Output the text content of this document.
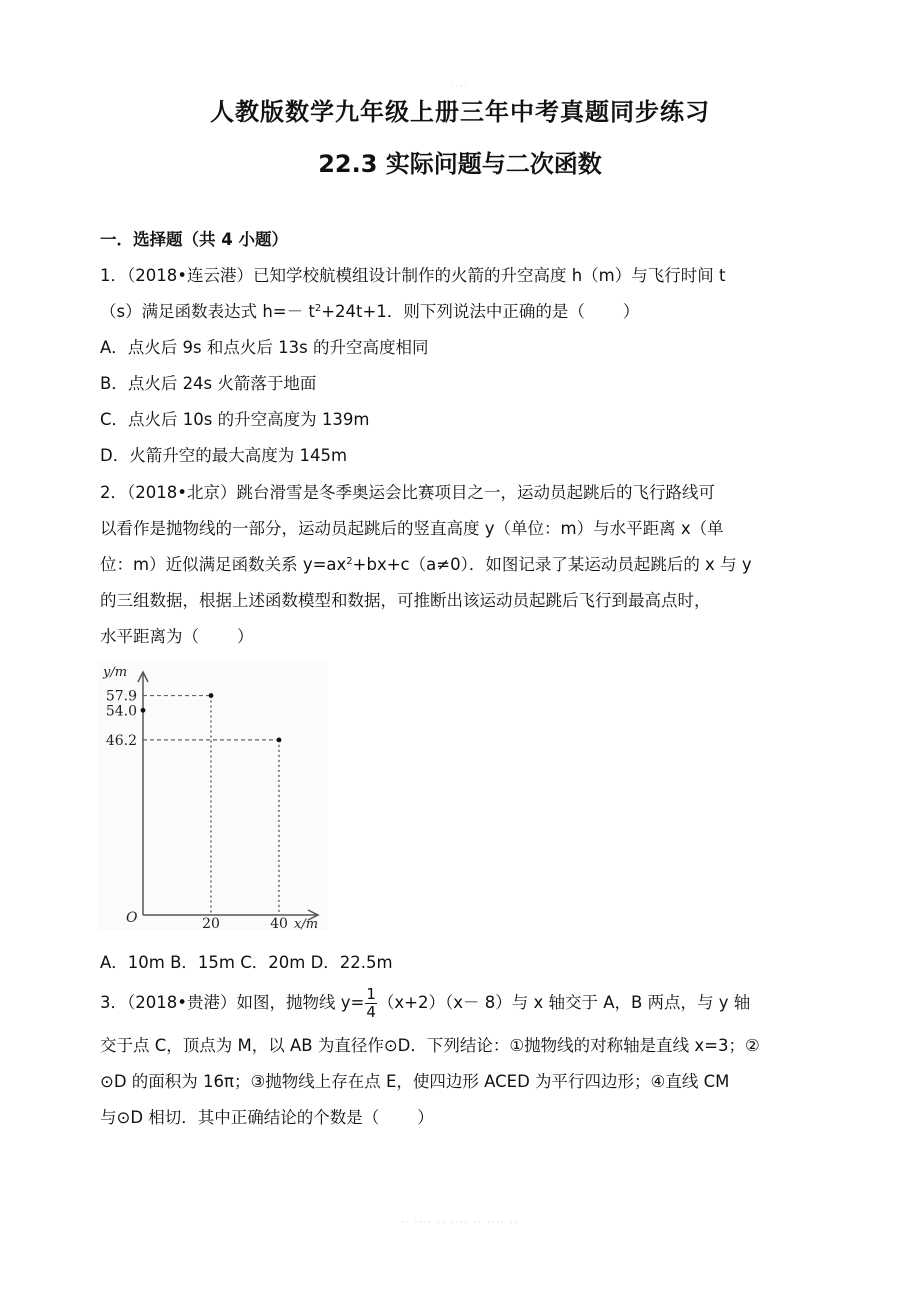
····
人教版数学九年级上册三年中考真题同步练习
22.3 实际问题与二次函数
一．选择题（共 4 小题）
1．（2018•连云港）已知学校航模组设计制作的火箭的升空高度 h（m）与飞行时间 t
（s）满足函数表达式 $h=- t^2+24t+1$．则下列说法中正确的是（ ）
A．点火后 9s 和点火后 13s 的升空高度相同
B．点火后 24s 火箭落于地面
C．点火后 10s 的升空高度为 139m
D．火箭升空的最大高度为 145m
2．（2018•北京）跳台滑雪是冬季奥运会比赛项目之一，运动员起跳后的飞行路线可
以看作是抛物线的一部分，运动员起跳后的竖直高度 y（单位：m）与水平距离 x（单
位：m）近似满足函数关系 $y=ax^2+bx+c(a\ne 0)$．如图记录了某运动员起跳后的 x 与 y
的三组数据，根据上述函数模型和数据，可推断出该运动员起跳后飞行到最高点时，
水平距离为（ ）
y/m
x/m
O
57.9
54.0
46.2
20	40
A．10m B．15m C．20m D．22.5m
3．（2018•贵港）如图，抛物线 $y= \frac{1}{4} (x+2)(x- 8)$与 x 轴交于 A，B 两点，与 y 轴
交于点 C，顶点为 M，以 AB 为直径作⊙D．下列结论：①抛物线的对称轴是直线 x=3；②
⊙D 的面积为 16π；③抛物线上存在点 E，使四边形 ACED 为平行四边形；④直线 CM
与⊙D 相切．其中正确结论的个数是（ ）
·· ···· ·· ···· ·· ···· ··
